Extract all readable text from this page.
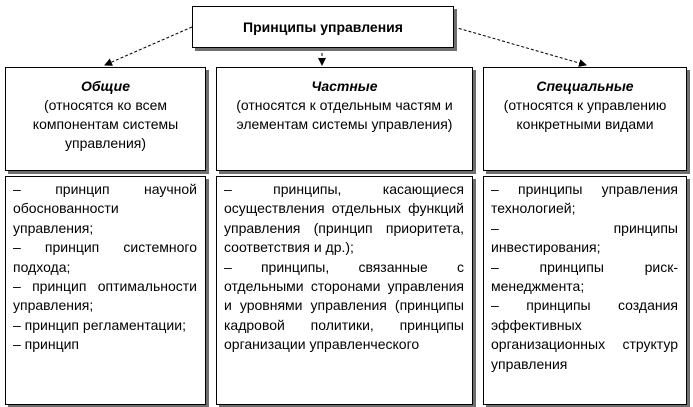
Принципы управления
Общие
(относятся ко всем компонентам системы управления)
Частные
(относятся к отдельным частям и элементам системы управления)
Специальные
(относятся к управлению конкретными видами
– принцип научной обоснованности управления;
– принцип системного подхода;
– принцип оптимальности управления;
– принцип регламентации;
– принцип
– принципы, касающиеся осуществления отдельных функций управления (принцип приоритета, соответствия и др.);
– принципы, связанные с отдельными сторонами управления и уровнями управления (принципы кадровой политики, принципы организации управленческого
– принципы управления технологией;
– принципы инвестирования;
– принципы риск-менеджмента;
– принципы создания эффективных организационных структур управления
